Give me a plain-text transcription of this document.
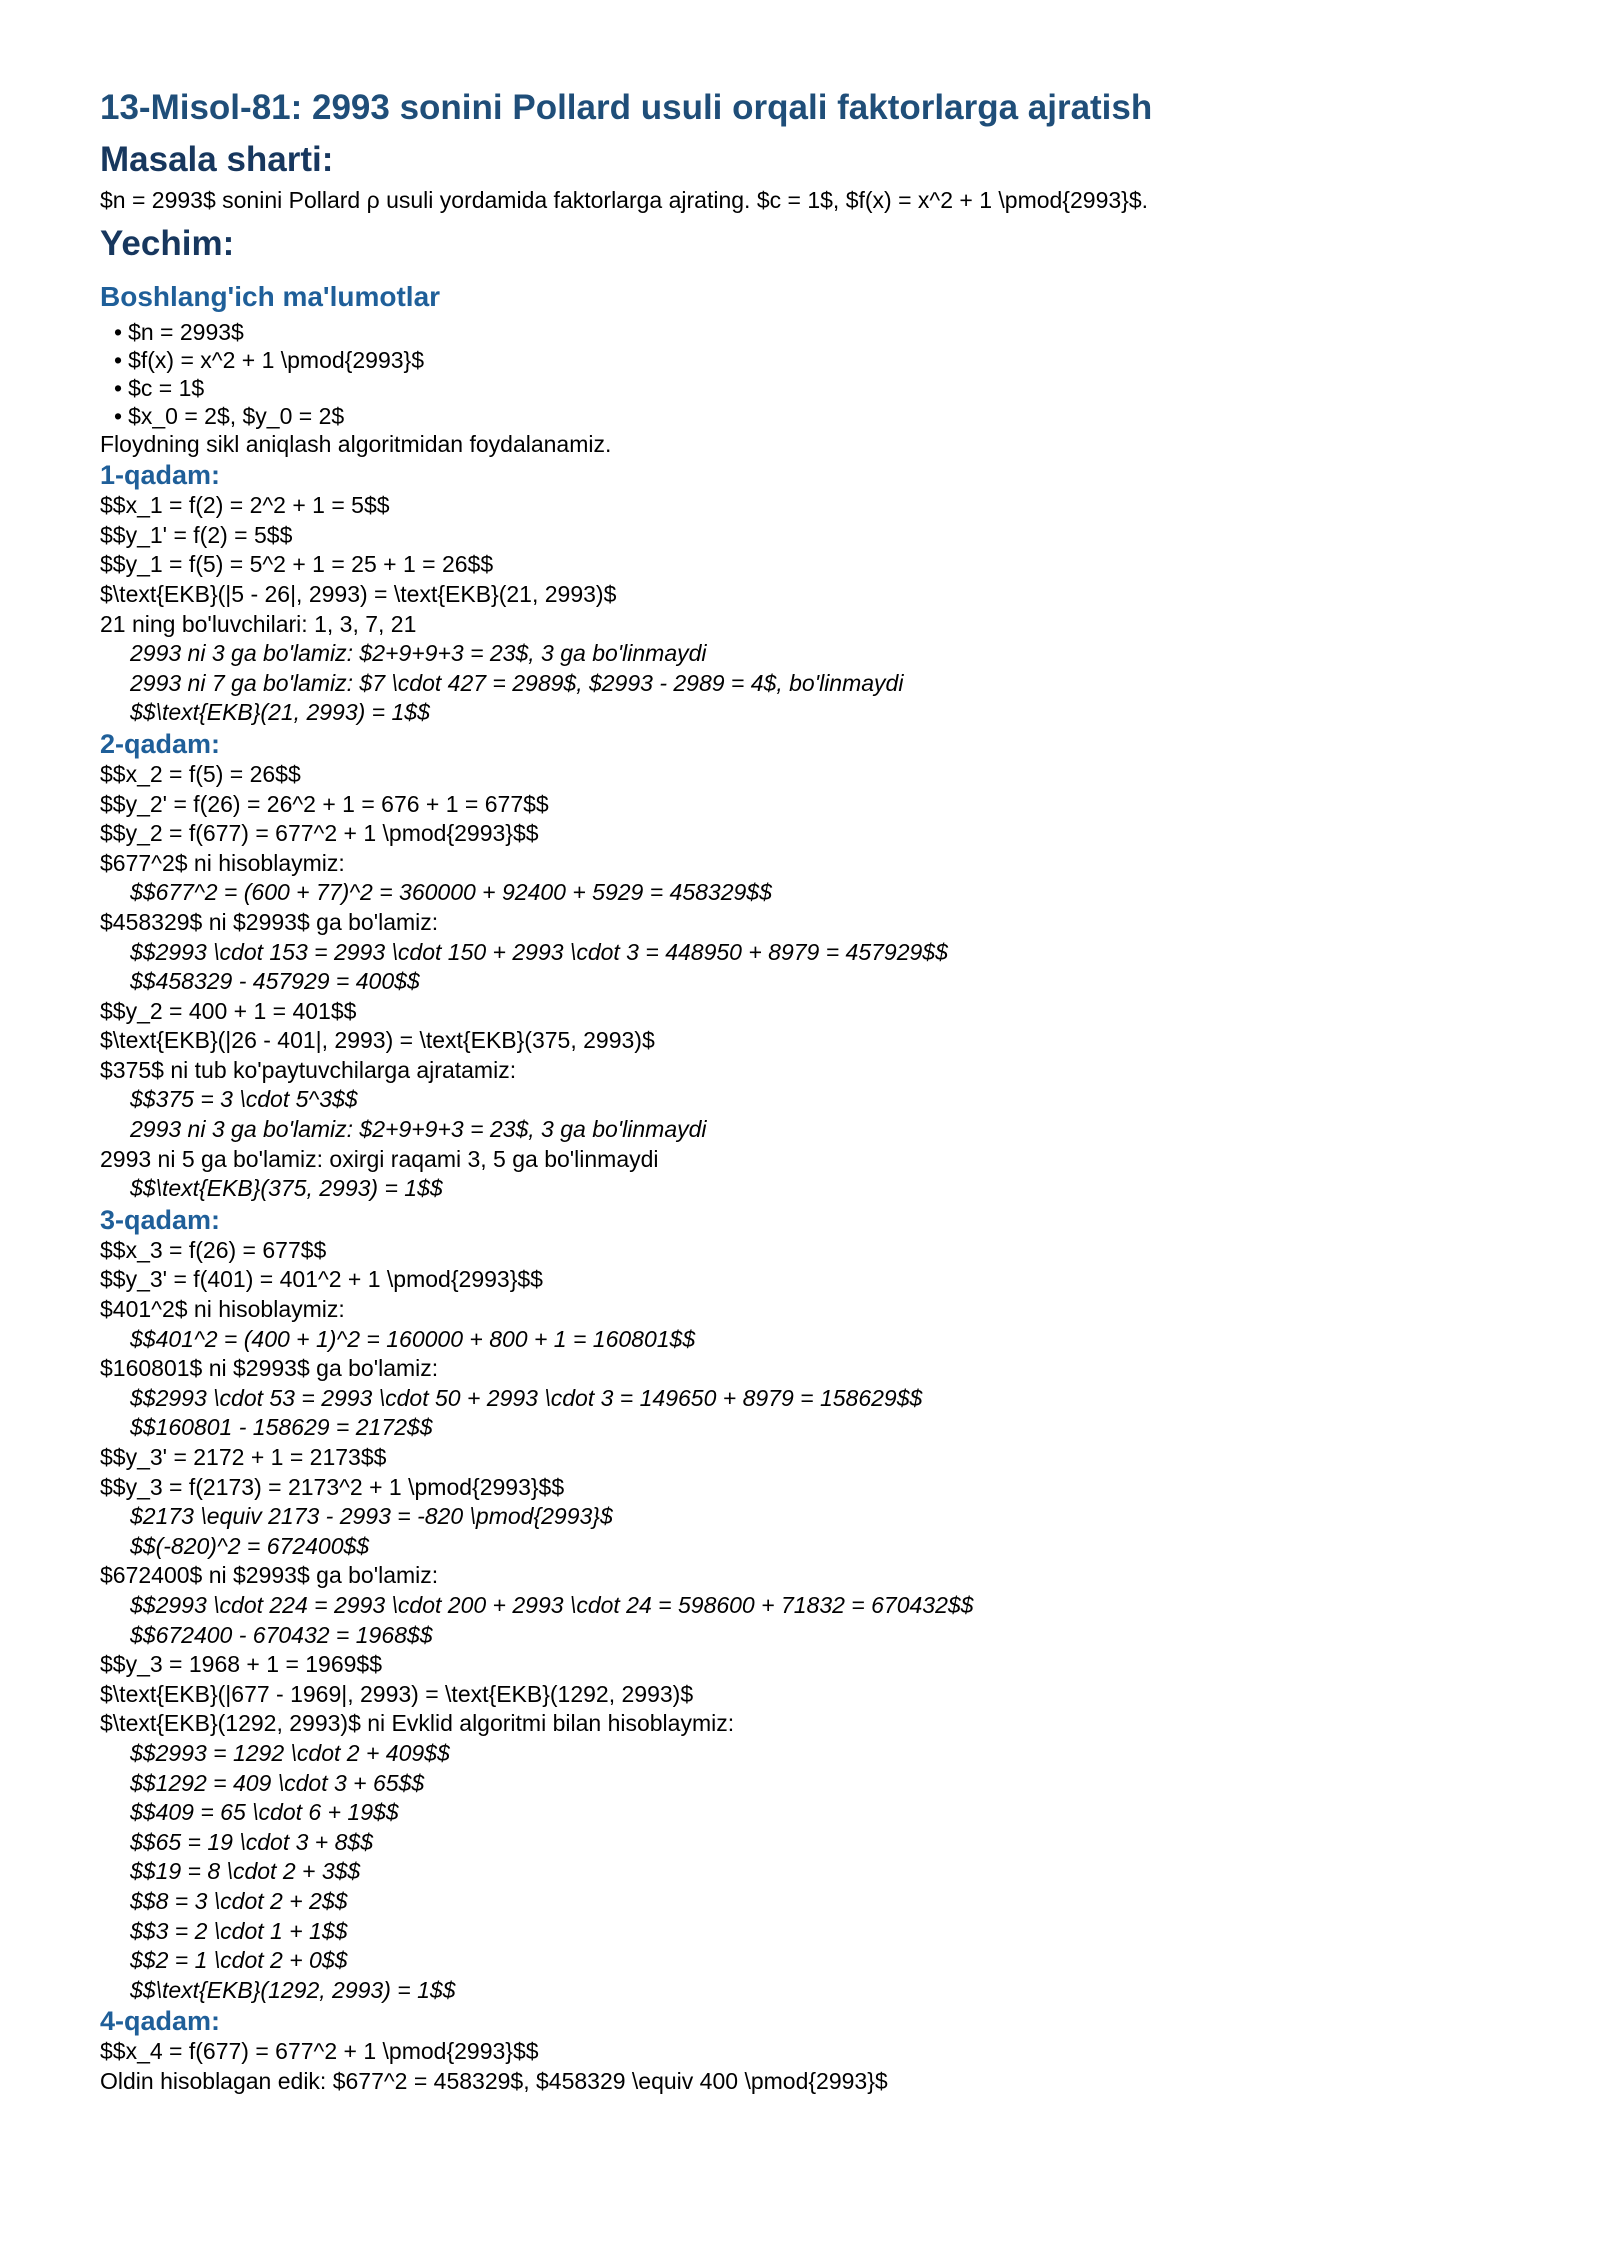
13-Misol-81: 2993 sonini Pollard usuli orqali faktorlarga ajratish
Masala sharti:
$n = 2993$ sonini Pollard ρ usuli yordamida faktorlarga ajrating. $c = 1$, $f(x) = x^2 + 1 \pmod{2993}$.
Yechim:
Boshlang'ich ma'lumotlar
• $n = 2993$
• $f(x) = x^2 + 1 \pmod{2993}$
• $c = 1$
• $x_0 = 2$, $y_0 = 2$
Floydning sikl aniqlash algoritmidan foydalanamiz.
1-qadam:
$$x_1 = f(2) = 2^2 + 1 = 5$$
$$y_1' = f(2) = 5$$
$$y_1 = f(5) = 5^2 + 1 = 25 + 1 = 26$$
$\text{EKB}(|5 - 26|, 2993) = \text{EKB}(21, 2993)$
21 ning bo'luvchilari: 1, 3, 7, 21
2993 ni 3 ga bo'lamiz: $2+9+9+3 = 23$, 3 ga bo'linmaydi
2993 ni 7 ga bo'lamiz: $7 \cdot 427 = 2989$, $2993 - 2989 = 4$, bo'linmaydi
$$\text{EKB}(21, 2993) = 1$$
2-qadam:
$$x_2 = f(5) = 26$$
$$y_2' = f(26) = 26^2 + 1 = 676 + 1 = 677$$
$$y_2 = f(677) = 677^2 + 1 \pmod{2993}$$
$677^2$ ni hisoblaymiz:
$$677^2 = (600 + 77)^2 = 360000 + 92400 + 5929 = 458329$$
$458329$ ni $2993$ ga bo'lamiz:
$$2993 \cdot 153 = 2993 \cdot 150 + 2993 \cdot 3 = 448950 + 8979 = 457929$$
$$458329 - 457929 = 400$$
$$y_2 = 400 + 1 = 401$$
$\text{EKB}(|26 - 401|, 2993) = \text{EKB}(375, 2993)$
$375$ ni tub ko'paytuvchilarga ajratamiz:
$$375 = 3 \cdot 5^3$$
2993 ni 3 ga bo'lamiz: $2+9+9+3 = 23$, 3 ga bo'linmaydi
2993 ni 5 ga bo'lamiz: oxirgi raqami 3, 5 ga bo'linmaydi
$$\text{EKB}(375, 2993) = 1$$
3-qadam:
$$x_3 = f(26) = 677$$
$$y_3' = f(401) = 401^2 + 1 \pmod{2993}$$
$401^2$ ni hisoblaymiz:
$$401^2 = (400 + 1)^2 = 160000 + 800 + 1 = 160801$$
$160801$ ni $2993$ ga bo'lamiz:
$$2993 \cdot 53 = 2993 \cdot 50 + 2993 \cdot 3 = 149650 + 8979 = 158629$$
$$160801 - 158629 = 2172$$
$$y_3' = 2172 + 1 = 2173$$
$$y_3 = f(2173) = 2173^2 + 1 \pmod{2993}$$
$2173 \equiv 2173 - 2993 = -820 \pmod{2993}$
$$(-820)^2 = 672400$$
$672400$ ni $2993$ ga bo'lamiz:
$$2993 \cdot 224 = 2993 \cdot 200 + 2993 \cdot 24 = 598600 + 71832 = 670432$$
$$672400 - 670432 = 1968$$
$$y_3 = 1968 + 1 = 1969$$
$\text{EKB}(|677 - 1969|, 2993) = \text{EKB}(1292, 2993)$
$\text{EKB}(1292, 2993)$ ni Evklid algoritmi bilan hisoblaymiz:
$$2993 = 1292 \cdot 2 + 409$$
$$1292 = 409 \cdot 3 + 65$$
$$409 = 65 \cdot 6 + 19$$
$$65 = 19 \cdot 3 + 8$$
$$19 = 8 \cdot 2 + 3$$
$$8 = 3 \cdot 2 + 2$$
$$3 = 2 \cdot 1 + 1$$
$$2 = 1 \cdot 2 + 0$$
$$\text{EKB}(1292, 2993) = 1$$
4-qadam:
$$x_4 = f(677) = 677^2 + 1 \pmod{2993}$$
Oldin hisoblagan edik: $677^2 = 458329$, $458329 \equiv 400 \pmod{2993}$
